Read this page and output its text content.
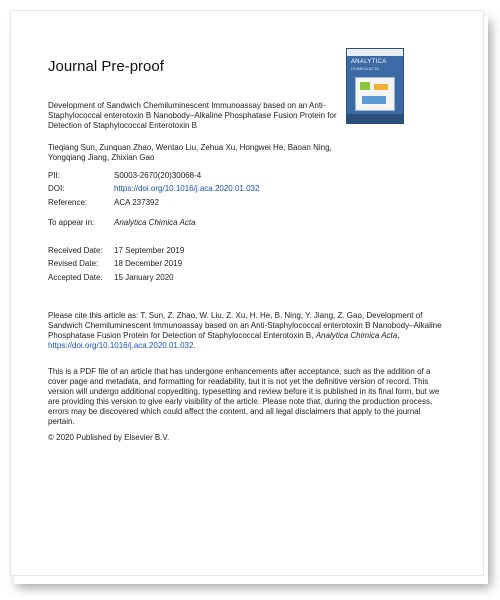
Journal Pre-proof	ANALYTICA
CHIMICA ACTA
Development of Sandwich Chemiluminescent Immunoassay based on an Anti-Staphylococcal enterotoxin B Nanobody–Alkaline Phosphatase Fusion Protein for Detection of Staphylococcal Enterotoxin B
Tieqiang Sun, Zunquan Zhao, Wentao Liu, Zehua Xu, Hongwei He, Baoan Ning, Yongqiang Jiang, Zhixian Gao
PII:	S0003-2670(20)30068-4
DOI:	https://doi.org/10.1016/j.aca.2020.01.032
Reference:	ACA 237392
To appear in: Analytica Chimica Acta
Received Date: 17 September 2019
Revised Date: 18 December 2019
Accepted Date: 15 January 2020
Please cite this article as: T. Sun, Z. Zhao, W. Liu, Z. Xu, H. He, B. Ning, Y. Jiang, Z. Gao, Development of Sandwich Chemiluminescent Immunoassay based on an Anti-Staphylococcal enterotoxin B Nanobody–Alkaline Phosphatase Fusion Protein for Detection of Staphylococcal Enterotoxin B, Analytica Chimica Acta, https://doi.org/10.1016/j.aca.2020.01.032.
This is a PDF file of an article that has undergone enhancements after acceptance, such as the addition of a cover page and metadata, and formatting for readability, but it is not yet the definitive version of record. This version will undergo additional copyediting, typesetting and review before it is published in its final form, but we are providing this version to give early visibility of the article. Please note that, during the production process, errors may be discovered which could affect the content, and all legal disclaimers that apply to the journal pertain.
© 2020 Published by Elsevier B.V.
